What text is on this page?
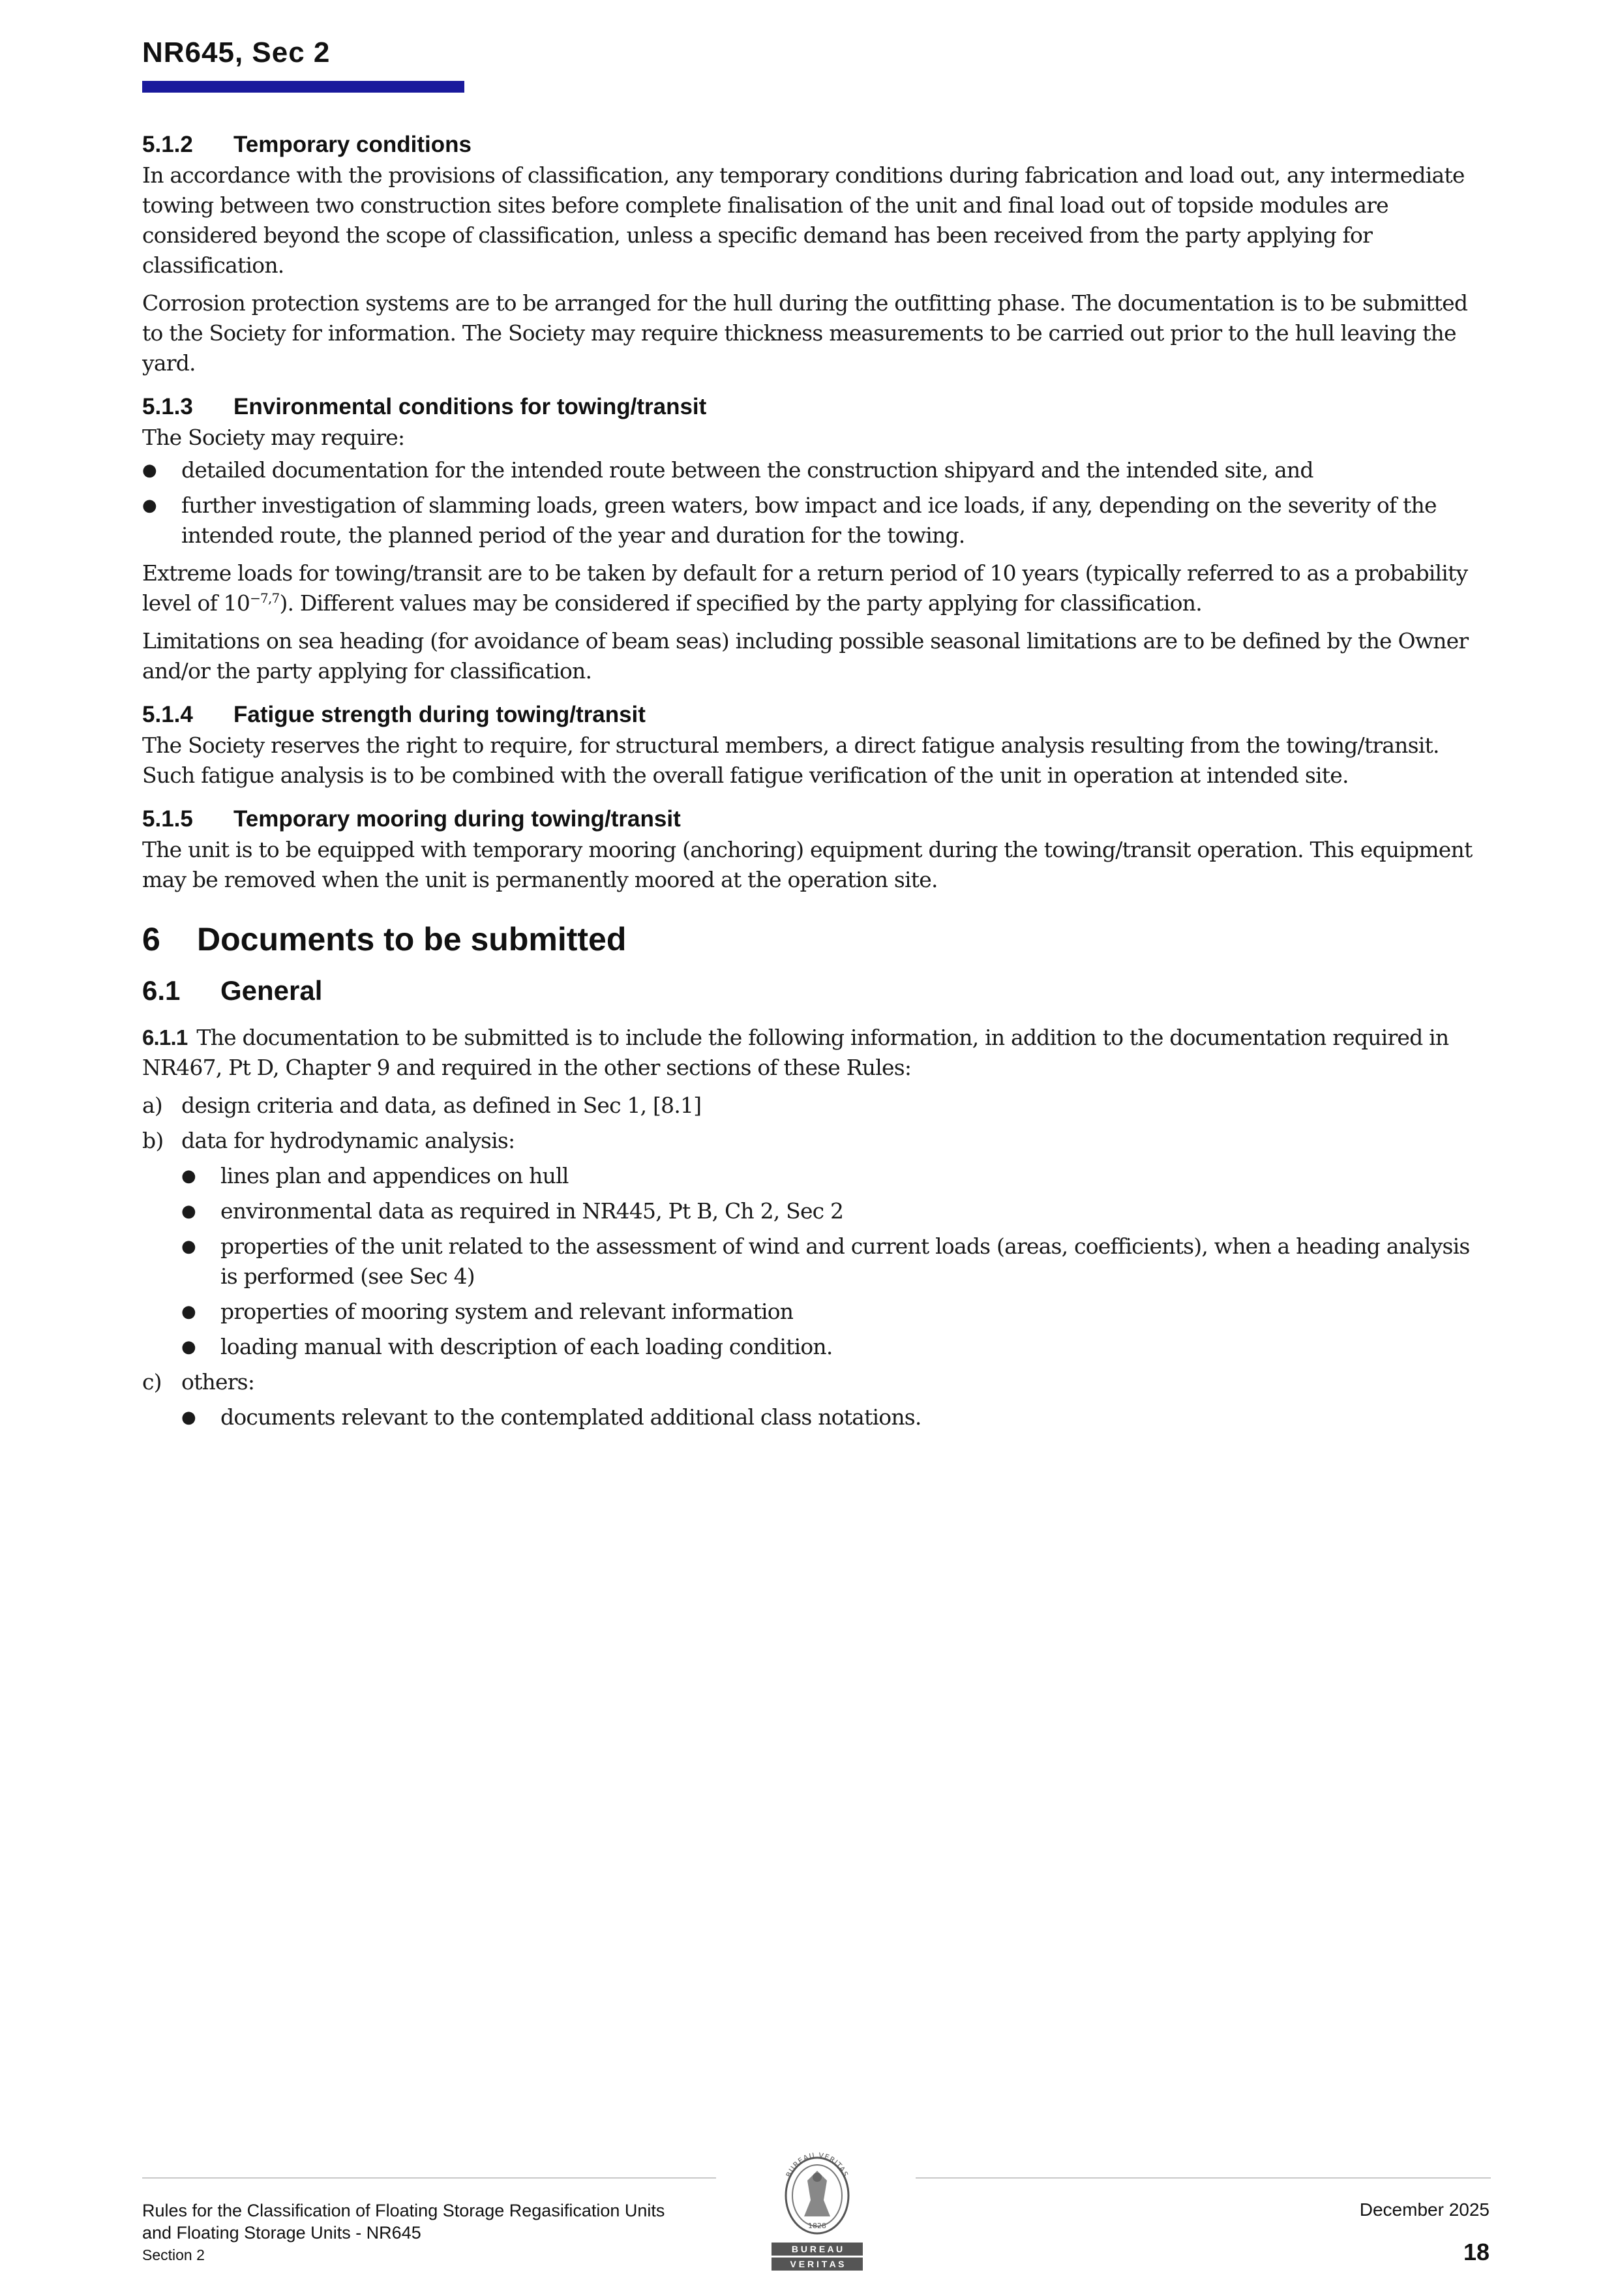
NR645, Sec 2
5.1.2 Temporary conditions

In accordance with the provisions of classification, any temporary conditions during fabrication and load out, any intermediate towing between two construction sites before complete finalisation of the unit and final load out of topside modules are considered beyond the scope of classification, unless a specific demand has been received from the party applying for classification.

Corrosion protection systems are to be arranged for the hull during the outfitting phase. The documentation is to be submitted to the Society for information. The Society may require thickness measurements to be carried out prior to the hull leaving the yard.

5.1.3 Environmental conditions for towing/transit

The Society may require:

● detailed documentation for the intended route between the construction shipyard and the intended site, and
● further investigation of slamming loads, green waters, bow impact and ice loads, if any, depending on the severity of the intended route, the planned period of the year and duration for the towing.

Extreme loads for towing/transit are to be taken by default for a return period of 10 years (typically referred to as a probability level of $10^{-7,7}$). Different values may be considered if specified by the party applying for classification.

Limitations on sea heading (for avoidance of beam seas) including possible seasonal limitations are to be defined by the Owner and/or the party applying for classification.

5.1.4 Fatigue strength during towing/transit

The Society reserves the right to require, for structural members, a direct fatigue analysis resulting from the towing/transit. Such fatigue analysis is to be combined with the overall fatigue verification of the unit in operation at intended site.

5.1.5 Temporary mooring during towing/transit

The unit is to be equipped with temporary mooring (anchoring) equipment during the towing/transit operation. This equipment may be removed when the unit is permanently moored at the operation site.

6 Documents to be submitted
6.1 General

6.1.1 The documentation to be submitted is to include the following information, in addition to the documentation required in NR467, Pt D, Chapter 9 and required in the other sections of these Rules:

a) design criteria and data, as defined in Sec 1, [8.1]
b) data for hydrodynamic analysis:
● lines plan and appendices on hull
● environmental data as required in NR445, Pt B, Ch 2, Sec 2
● properties of the unit related to the assessment of wind and current loads (areas, coefficients), when a heading analysis is performed (see Sec 4)
● properties of mooring system and relevant information
● loading manual with description of each loading condition.
c) others:
● documents relevant to the contemplated additional class notations.
Rules for the Classification of Floating Storage Regasification Units
and Floating Storage Units - NR645
Section 2
BUREAU VERITAS
1828
B U R E A U
V E R I T A S
December 2025
18
